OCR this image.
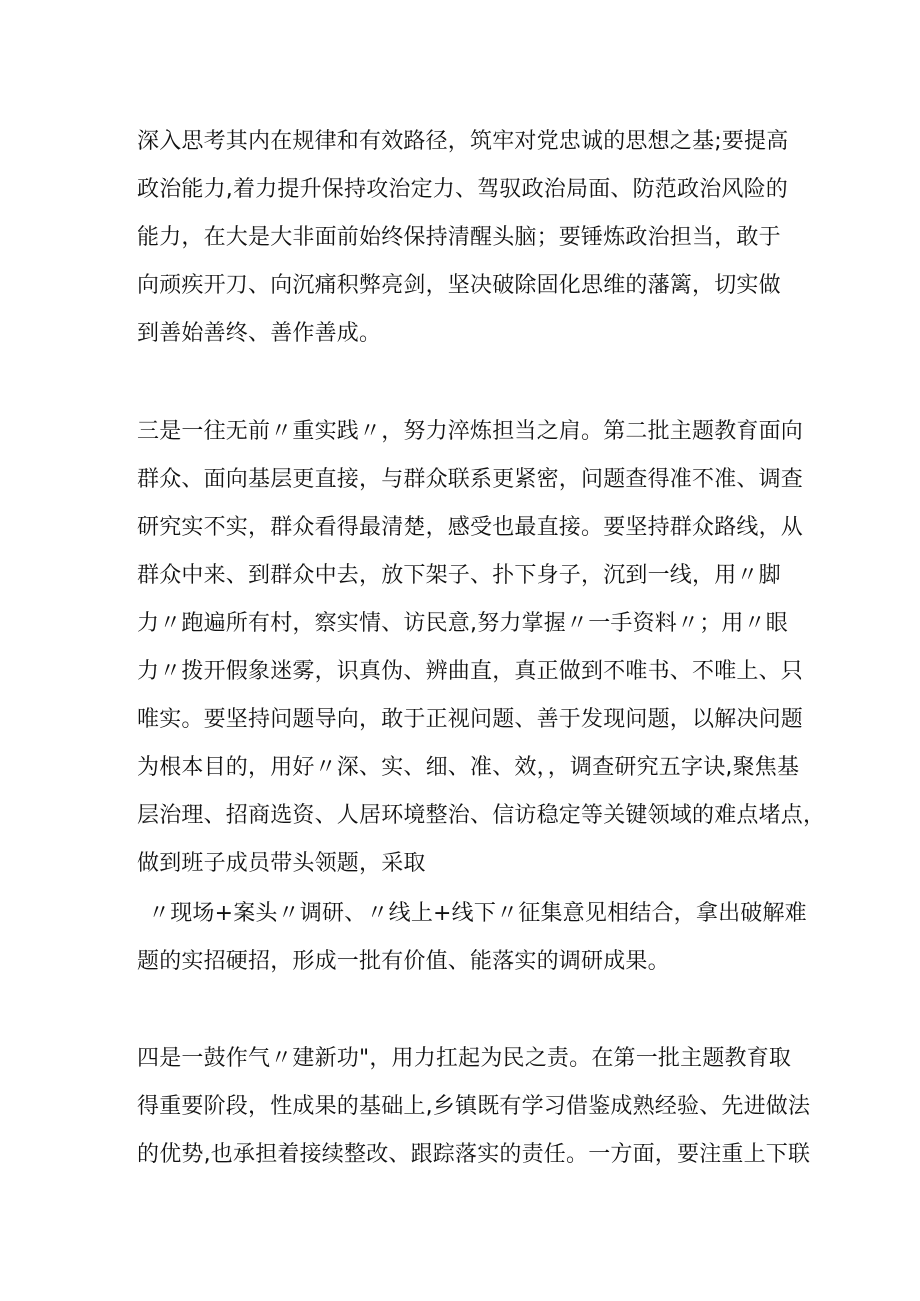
深入思考其内在规律和有效路径，筑牢对党忠诚的思想之基;要提高
政治能力,着力提升保持攻治定力、驾驭政治局面、防范政治风险的
能力，在大是大非面前始终保持清醒头脑；要锤炼政治担当，敢于
向顽疾开刀、向沉痛积弊亮剑，坚决破除固化思维的藩篱，切实做
到善始善终、善作善成。
三是一往无前〃重实践〃，努力淬炼担当之肩。第二批主题教育面向
群众、面向基层更直接，与群众联系更紧密，问题查得准不准、调查
研究实不实，群众看得最清楚，感受也最直接。要坚持群众路线，从
群众中来、到群众中去，放下架子、扑下身子，沉到一线，用〃脚
力〃跑遍所有村，察实情、访民意,努力掌握〃一手资料〃；用〃眼
力〃拨开假象迷雾，识真伪、辨曲直，真正做到不唯书、不唯上、只
唯实。要坚持问题导向，敢于正视问题、善于发现问题，以解决问题
为根本目的，用好〃深、实、细、准、效，，调查研究五字诀,聚焦基
层治理、招商选资、人居环境整治、信访稳定等关键领域的难点堵点，
做到班子成员带头领题，采取
〃现场+案头〃调研、〃线上+线下〃征集意见相结合，拿出破解难
题的实招硬招，形成一批有价值、能落实的调研成果。
四是一鼓作气〃建新功"，用力扛起为民之责。在第一批主题教育取
得重要阶段，性成果的基础上,乡镇既有学习借鉴成熟经验、先进做法
的优势,也承担着接续整改、跟踪落实的责任。一方面，要注重上下联
